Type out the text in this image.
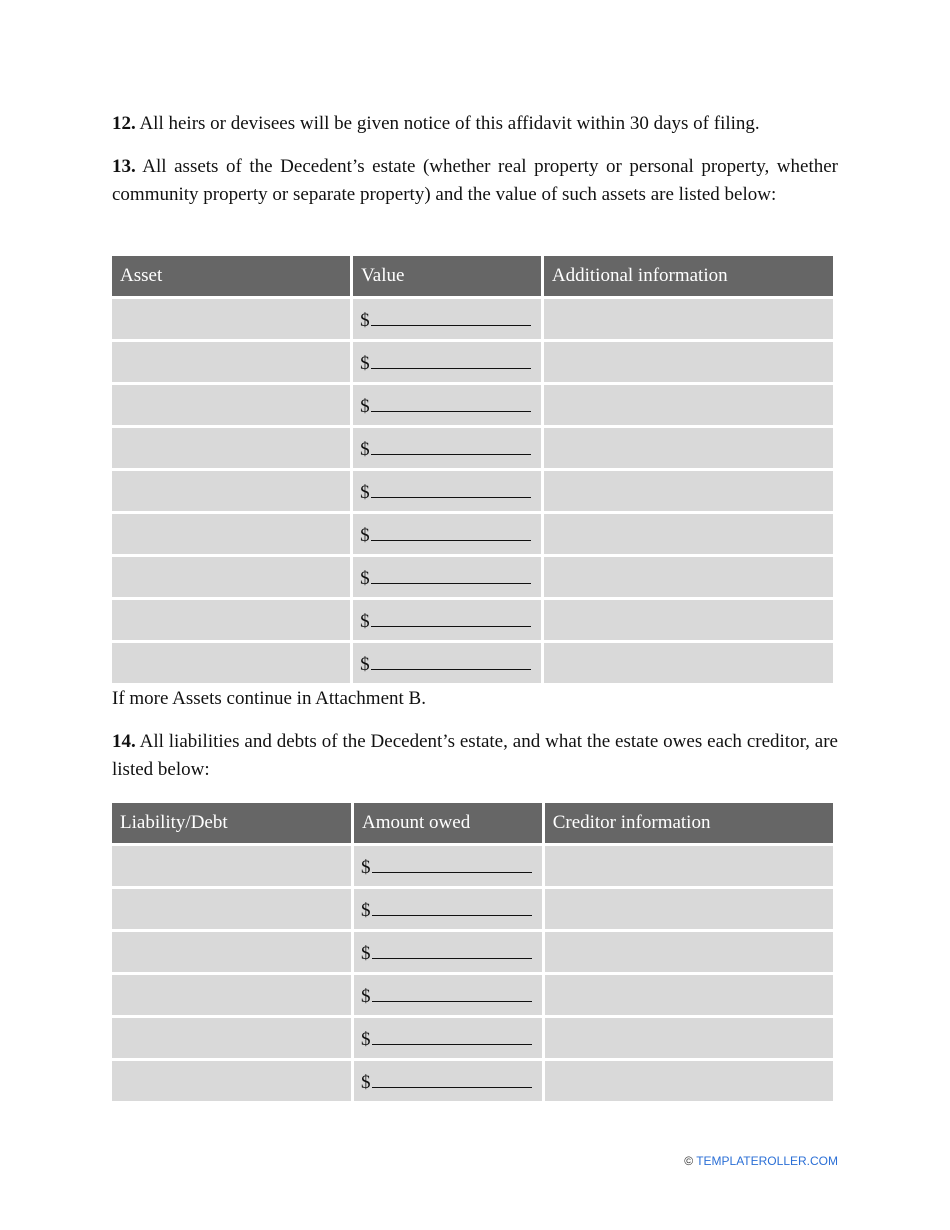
12. All heirs or devisees will be given notice of this affidavit within 30 days of filing.

13. All assets of the Decedent’s estate (whether real property or personal property, whether community property or separate property) and the value of such assets are listed below:

Asset	Value	Additional information
	$	
	$	
	$	
	$	
	$	
	$	
	$	
	$	
	$	

If more Assets continue in Attachment B.

14. All liabilities and debts of the Decedent’s estate, and what the estate owes each creditor, are listed below:

Liability/Debt	Amount owed	Creditor information
	$	
	$	
	$	
	$	
	$	
	$	
© TEMPLATEROLLER.COM
